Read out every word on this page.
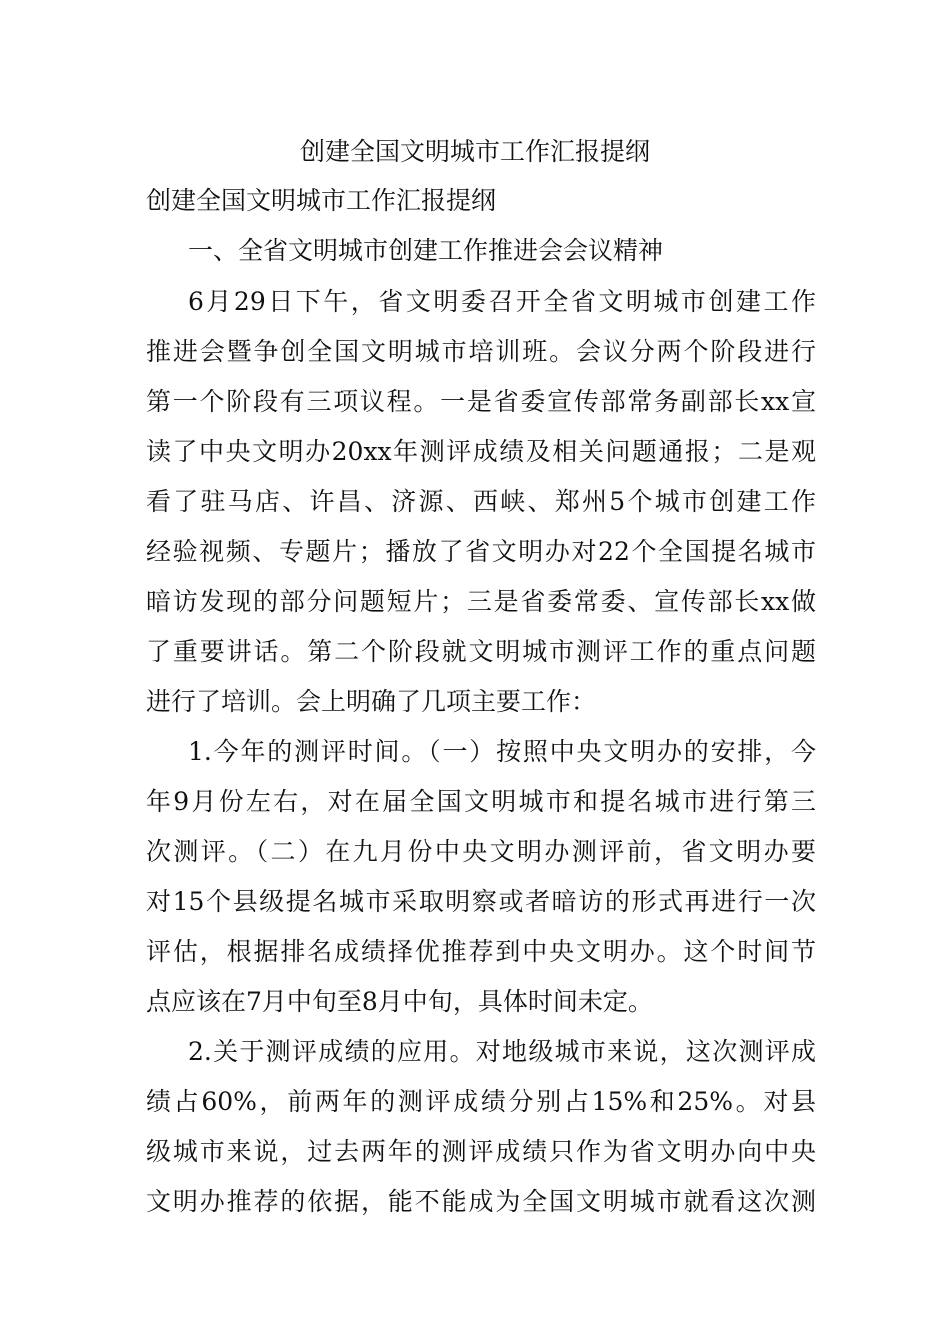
创建全国文明城市工作汇报提纲
创建全国文明城市工作汇报提纲
一、全省文明城市创建工作推进会会议精神
6月29日下午，省文明委召开全省文明城市创建工作
推进会暨争创全国文明城市培训班。会议分两个阶段进行
第一个阶段有三项议程。一是省委宣传部常务副部长xx宣
读了中央文明办20xx年测评成绩及相关问题通报；二是观
看了驻马店、许昌、济源、西峡、郑州5个城市创建工作
经验视频、专题片；播放了省文明办对22个全国提名城市
暗访发现的部分问题短片；三是省委常委、宣传部长xx做
了重要讲话。第二个阶段就文明城市测评工作的重点问题
进行了培训。会上明确了几项主要工作：
1.今年的测评时间。（一）按照中央文明办的安排，今
年9月份左右，对在届全国文明城市和提名城市进行第三
次测评。（二）在九月份中央文明办测评前，省文明办要
对15个县级提名城市采取明察或者暗访的形式再进行一次
评估，根据排名成绩择优推荐到中央文明办。这个时间节
点应该在7月中旬至8月中旬，具体时间未定。
2.关于测评成绩的应用。对地级城市来说，这次测评成
绩占60%，前两年的测评成绩分别占15%和25%。对县
级城市来说，过去两年的测评成绩只作为省文明办向中央
文明办推荐的依据，能不能成为全国文明城市就看这次测
